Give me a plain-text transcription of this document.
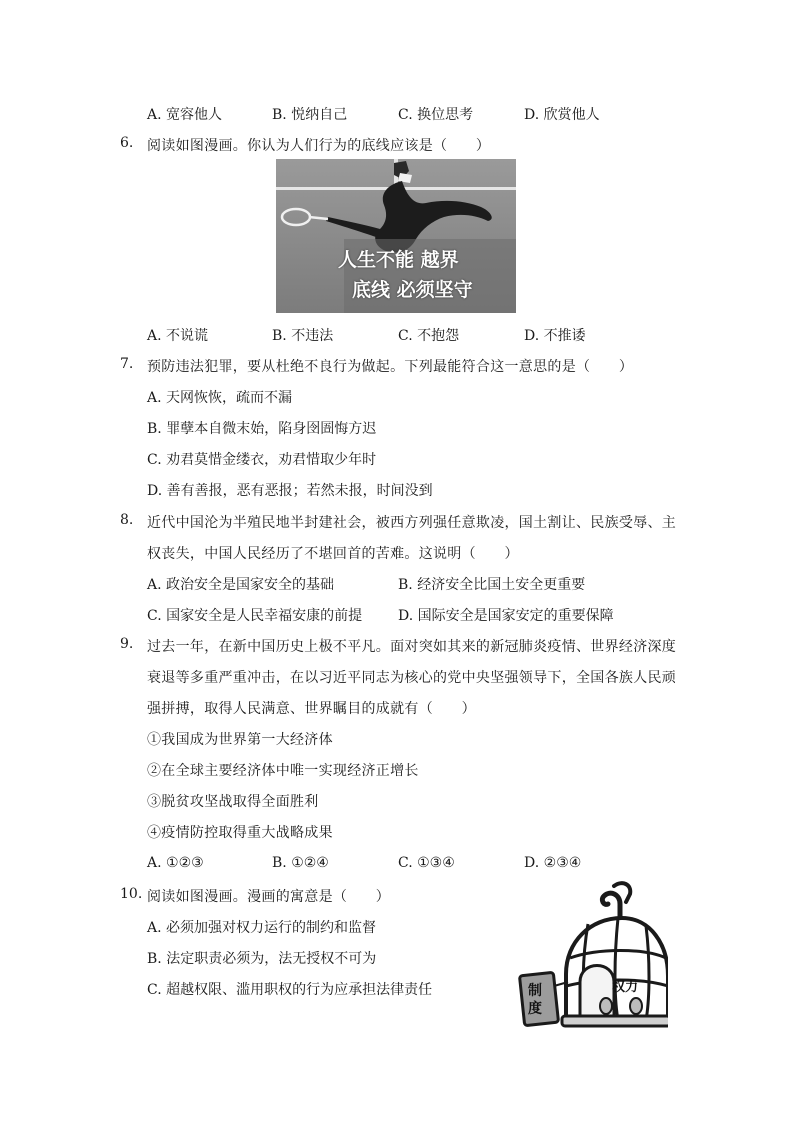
A. 宽容他人	B. 悦纳自己	C. 换位思考	D. 欣赏他人
6. 阅读如图漫画。你认为人们行为的底线应该是（　　）
人生不能 越界
底线 必须坚守
A. 不说谎	B. 不违法	C. 不抱怨	D. 不推诿
7. 预防违法犯罪，要从杜绝不良行为做起。下列最能符合这一意思的是（　　）
A. 天网恢恢，疏而不漏
B. 罪孽本自微末始，陷身囹圄悔方迟
C. 劝君莫惜金缕衣，劝君惜取少年时
D. 善有善报，恶有恶报；若然未报，时间没到
8. 近代中国沦为半殖民地半封建社会，被西方列强任意欺凌，国土割让、民族受辱、主
权丧失，中国人民经历了不堪回首的苦难。这说明（　　）
A. 政治安全是国家安全的基础	B. 经济安全比国土安全更重要
C. 国家安全是人民幸福安康的前提	D. 国际安全是国家安定的重要保障
9. 过去一年，在新中国历史上极不平凡。面对突如其来的新冠肺炎疫情、世界经济深度
衰退等多重严重冲击，在以习近平同志为核心的党中央坚强领导下，全国各族人民顽
强拼搏，取得人民满意、世界瞩目的成就有（　　）
①我国成为世界第一大经济体
②在全球主要经济体中唯一实现经济正增长
③脱贫攻坚战取得全面胜利
④疫情防控取得重大战略成果
A. ①②③	B. ①②④	C. ①③④	D. ②③④
10. 阅读如图漫画。漫画的寓意是（　　）
A. 必须加强对权力运行的制约和监督
B. 法定职责必须为，法无授权不可为
C. 超越权限、滥用职权的行为应承担法律责任	制度
权力
